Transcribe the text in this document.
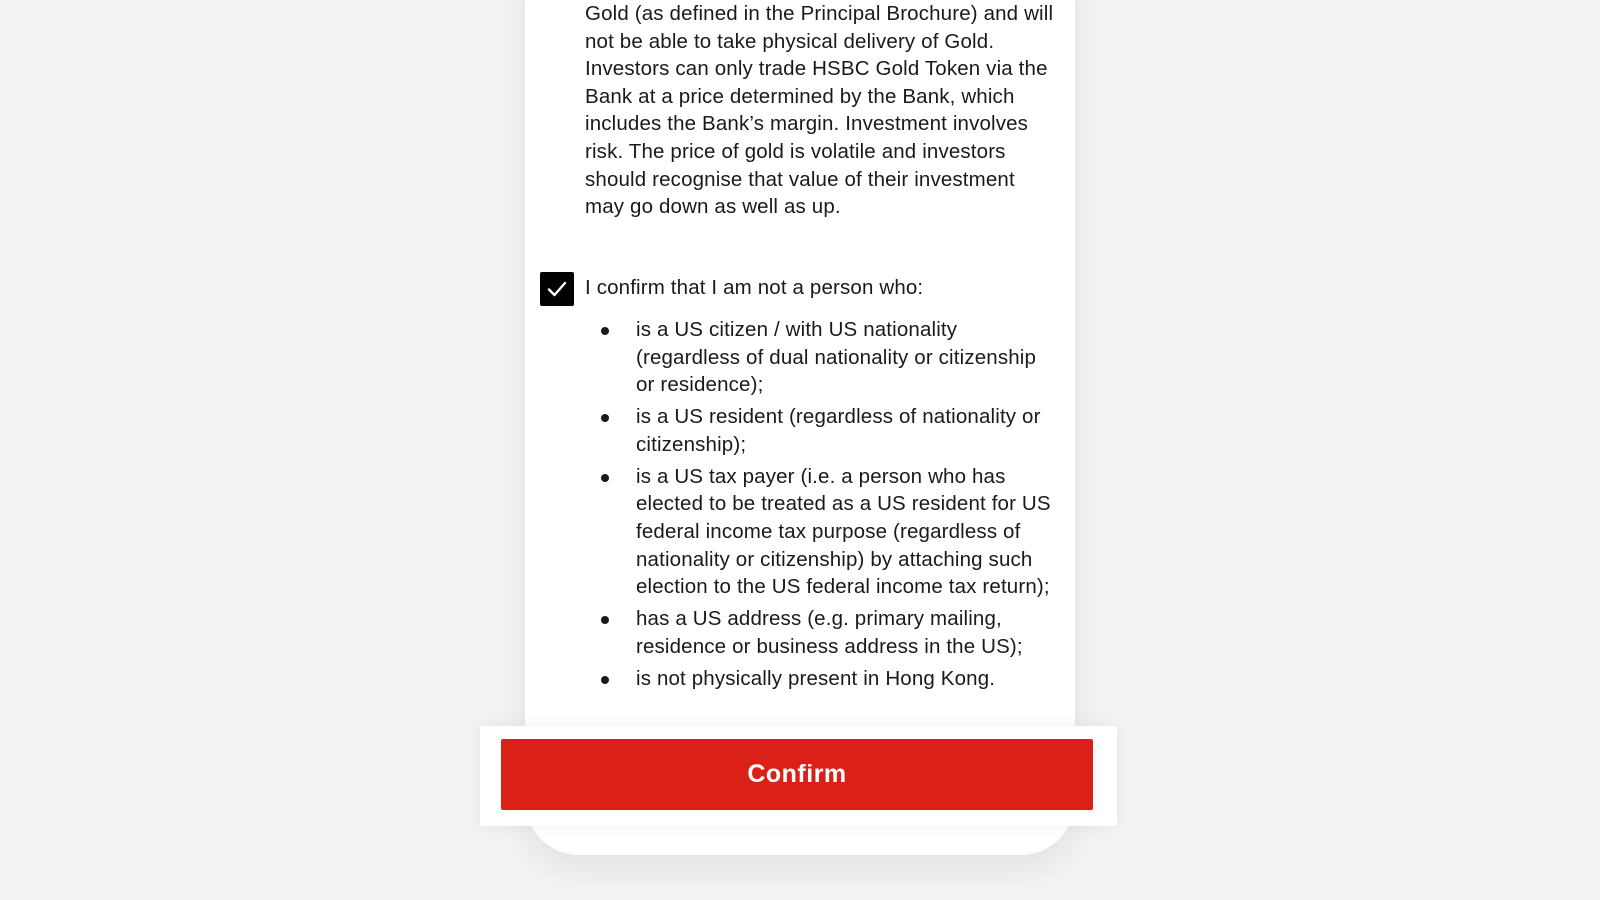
Gold (as defined in the Principal Brochure) and will not be able to take physical delivery of Gold. Investors can only trade HSBC Gold Token via the Bank at a price determined by the Bank, which includes the Bank’s margin. Investment involves risk. The price of gold is volatile and investors should recognise that value of their investment may go down as well as up.

I confirm that I am not a person who:
is a US citizen / with US nationality (regardless of dual nationality or citizenship or residence);
is a US resident (regardless of nationality or citizenship);
is a US tax payer (i.e. a person who has elected to be treated as a US resident for US federal income tax purpose (regardless of nationality or citizenship) by attaching such election to the US federal income tax return);
has a US address (e.g. primary mailing, residence or business address in the US);
is not physically present in Hong Kong.
Confirm
